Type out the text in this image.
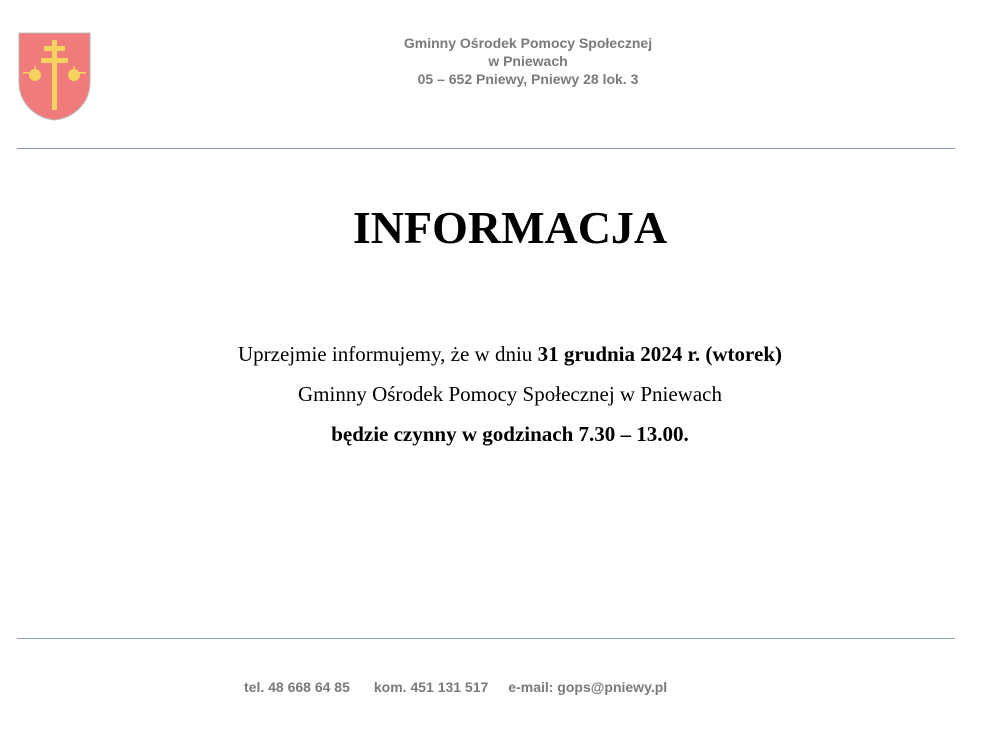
Gminny Ośrodek Pomocy Społecznej
w Pniewach
05 – 652 Pniewy, Pniewy 28 lok. 3
INFORMACJA
Uprzejmie informujemy, że w dniu 31 grudnia 2024 r. (wtorek)
Gminny Ośrodek Pomocy Społecznej w Pniewach
będzie czynny w godzinach 7.30 – 13.00.
tel. 48 668 64 85 kom. 451 131 517 e-mail: gops@pniewy.pl
